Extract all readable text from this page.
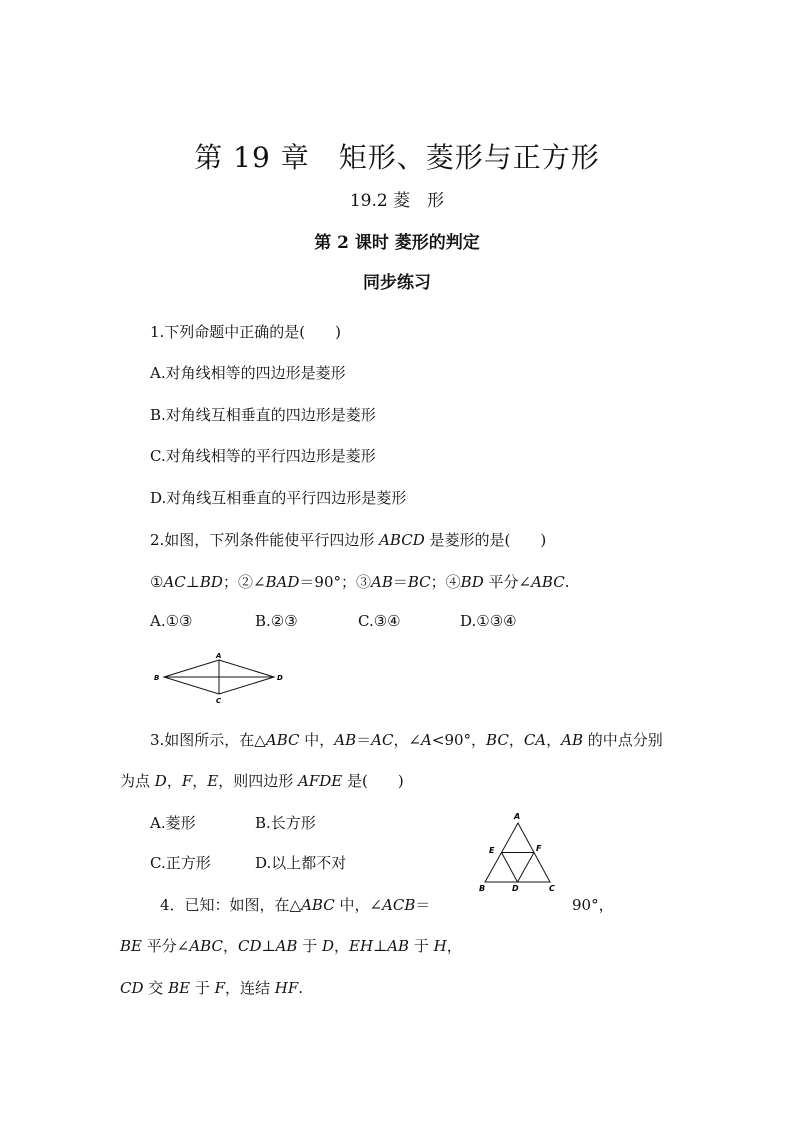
第 19 章　矩形、菱形与正方形
19.2 菱　形
第 2 课时 菱形的判定
同步练习
1.下列命题中正确的是(　　)
A.对角线相等的四边形是菱形
B.对角线互相垂直的四边形是菱形
C.对角线相等的平行四边形是菱形
D.对角线互相垂直的平行四边形是菱形
2.如图，下列条件能使平行四边形 ABCD 是菱形的是(　　)
①AC⊥BD；②∠BAD＝90°；③AB＝BC；④BD 平分∠ABC.
A.①③	B.②③	C.③④	D.①③④
A
B	D
C
3.如图所示，在△ABC 中，AB＝AC，∠A<90°，BC，CA，AB 的中点分别
为点 D，F，E，则四边形 AFDE 是(　　)
A.菱形	B.长方形
C.正方形	D.以上都不对
A
E	F
B	D	C
4．已知：如图，在△ABC 中，∠ACB＝	90°，
BE 平分∠ABC，CD⊥AB 于 D，EH⊥AB 于 H，
CD 交 BE 于 F，连结 HF.
